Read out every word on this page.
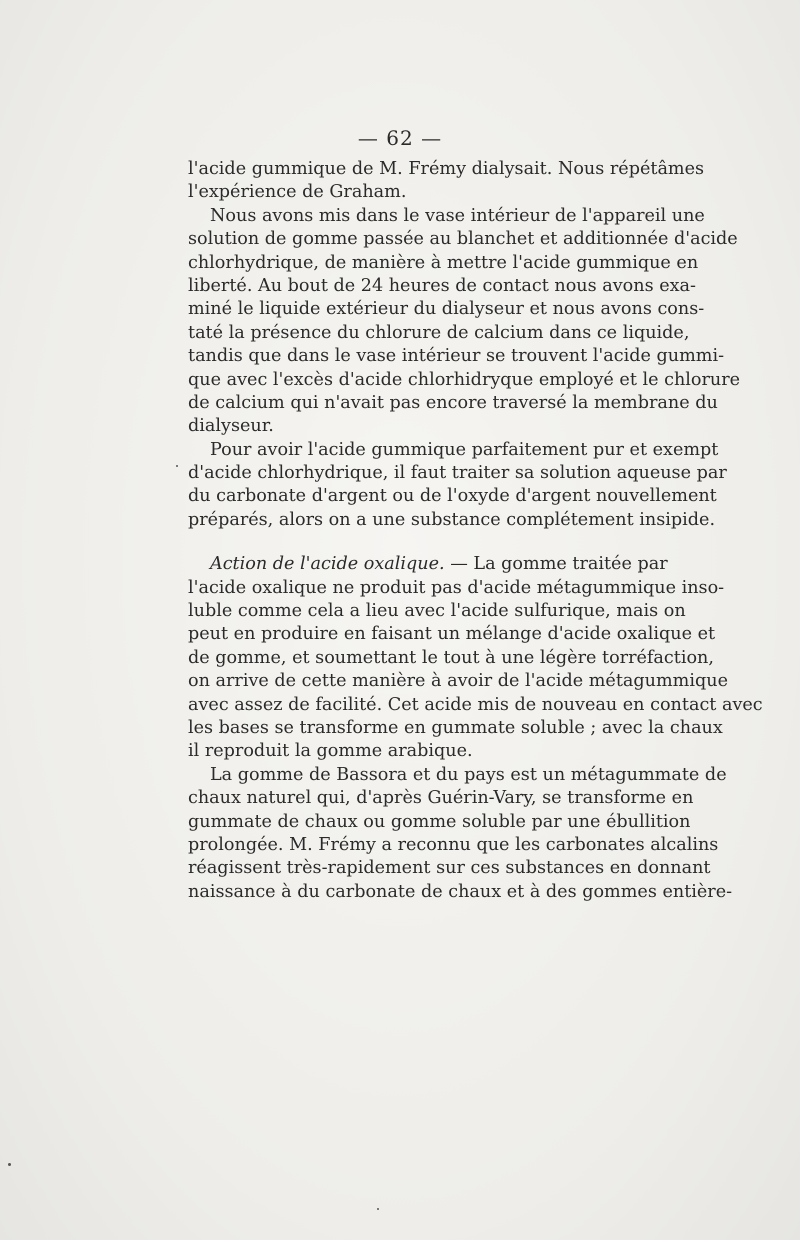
— 62 —

l'acide gummique de M. Frémy dialysait. Nous répétâmes
l'expérience de Graham.

Nous avons mis dans le vase intérieur de l'appareil une
solution de gomme passée au blanchet et additionnée d'acide
chlorhydrique, de manière à mettre l'acide gummique en
liberté. Au bout de 24 heures de contact nous avons exa-
miné le liquide extérieur du dialyseur et nous avons cons-
taté la présence du chlorure de calcium dans ce liquide,
tandis que dans le vase intérieur se trouvent l'acide gummi-
que avec l'excès d'acide chlorhidryque employé et le chlorure
de calcium qui n'avait pas encore traversé la membrane du
dialyseur.

Pour avoir l'acide gummique parfaitement pur et exempt
d'acide chlorhydrique, il faut traiter sa solution aqueuse par
du carbonate d'argent ou de l'oxyde d'argent nouvellement
préparés, alors on a une substance complétement insipide.

Action de l'acide oxalique. — La gomme traitée par
l'acide oxalique ne produit pas d'acide métagummique inso-
luble comme cela a lieu avec l'acide sulfurique, mais on
peut en produire en faisant un mélange d'acide oxalique et
de gomme, et soumettant le tout à une légère torréfaction,
on arrive de cette manière à avoir de l'acide métagummique
avec assez de facilité. Cet acide mis de nouveau en contact avec
les bases se transforme en gummate soluble ; avec la chaux
il reproduit la gomme arabique.

La gomme de Bassora et du pays est un métagummate de
chaux naturel qui, d'après Guérin-Vary, se transforme en
gummate de chaux ou gomme soluble par une ébullition
prolongée. M. Frémy a reconnu que les carbonates alcalins
réagissent très-rapidement sur ces substances en donnant
naissance à du carbonate de chaux et à des gommes entière-
